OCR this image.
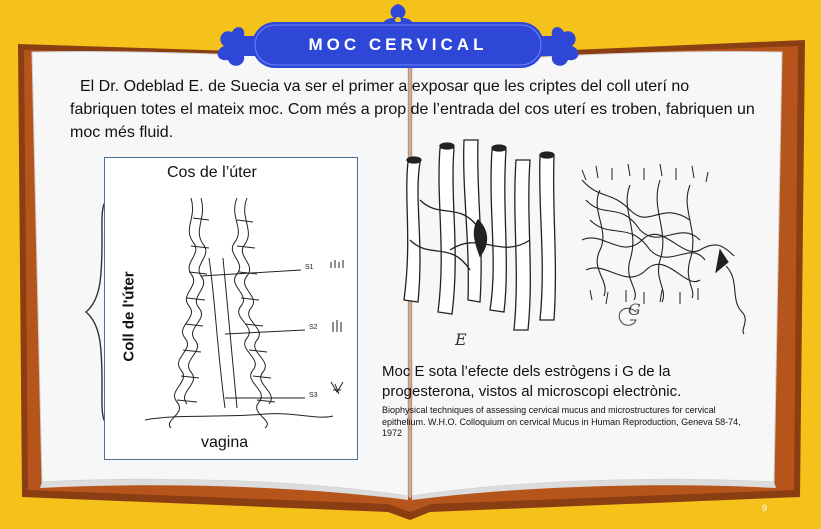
MOC CERVICAL
El Dr. Odeblad E. de Suecia va ser el primer a exposar que les criptes del coll uterí no fabriquen totes el mateix moc. Com més a prop de l’entrada del cos uterí es troben, fabriquen un moc més fluid.
Cos de l’úter
Coll de l'úter
S1
S2
S3
vagina
E
G
Moc E sota l’efecte dels estrògens i G de la progesterona, vistos al microscopi electrònic.
Biophysical techniques of assessing cervical mucus and microstructures for cervical epithelium. W.H.O. Colloquium on cervical Mucus in Human Reproduction, Geneva 58-74, 1972
9
